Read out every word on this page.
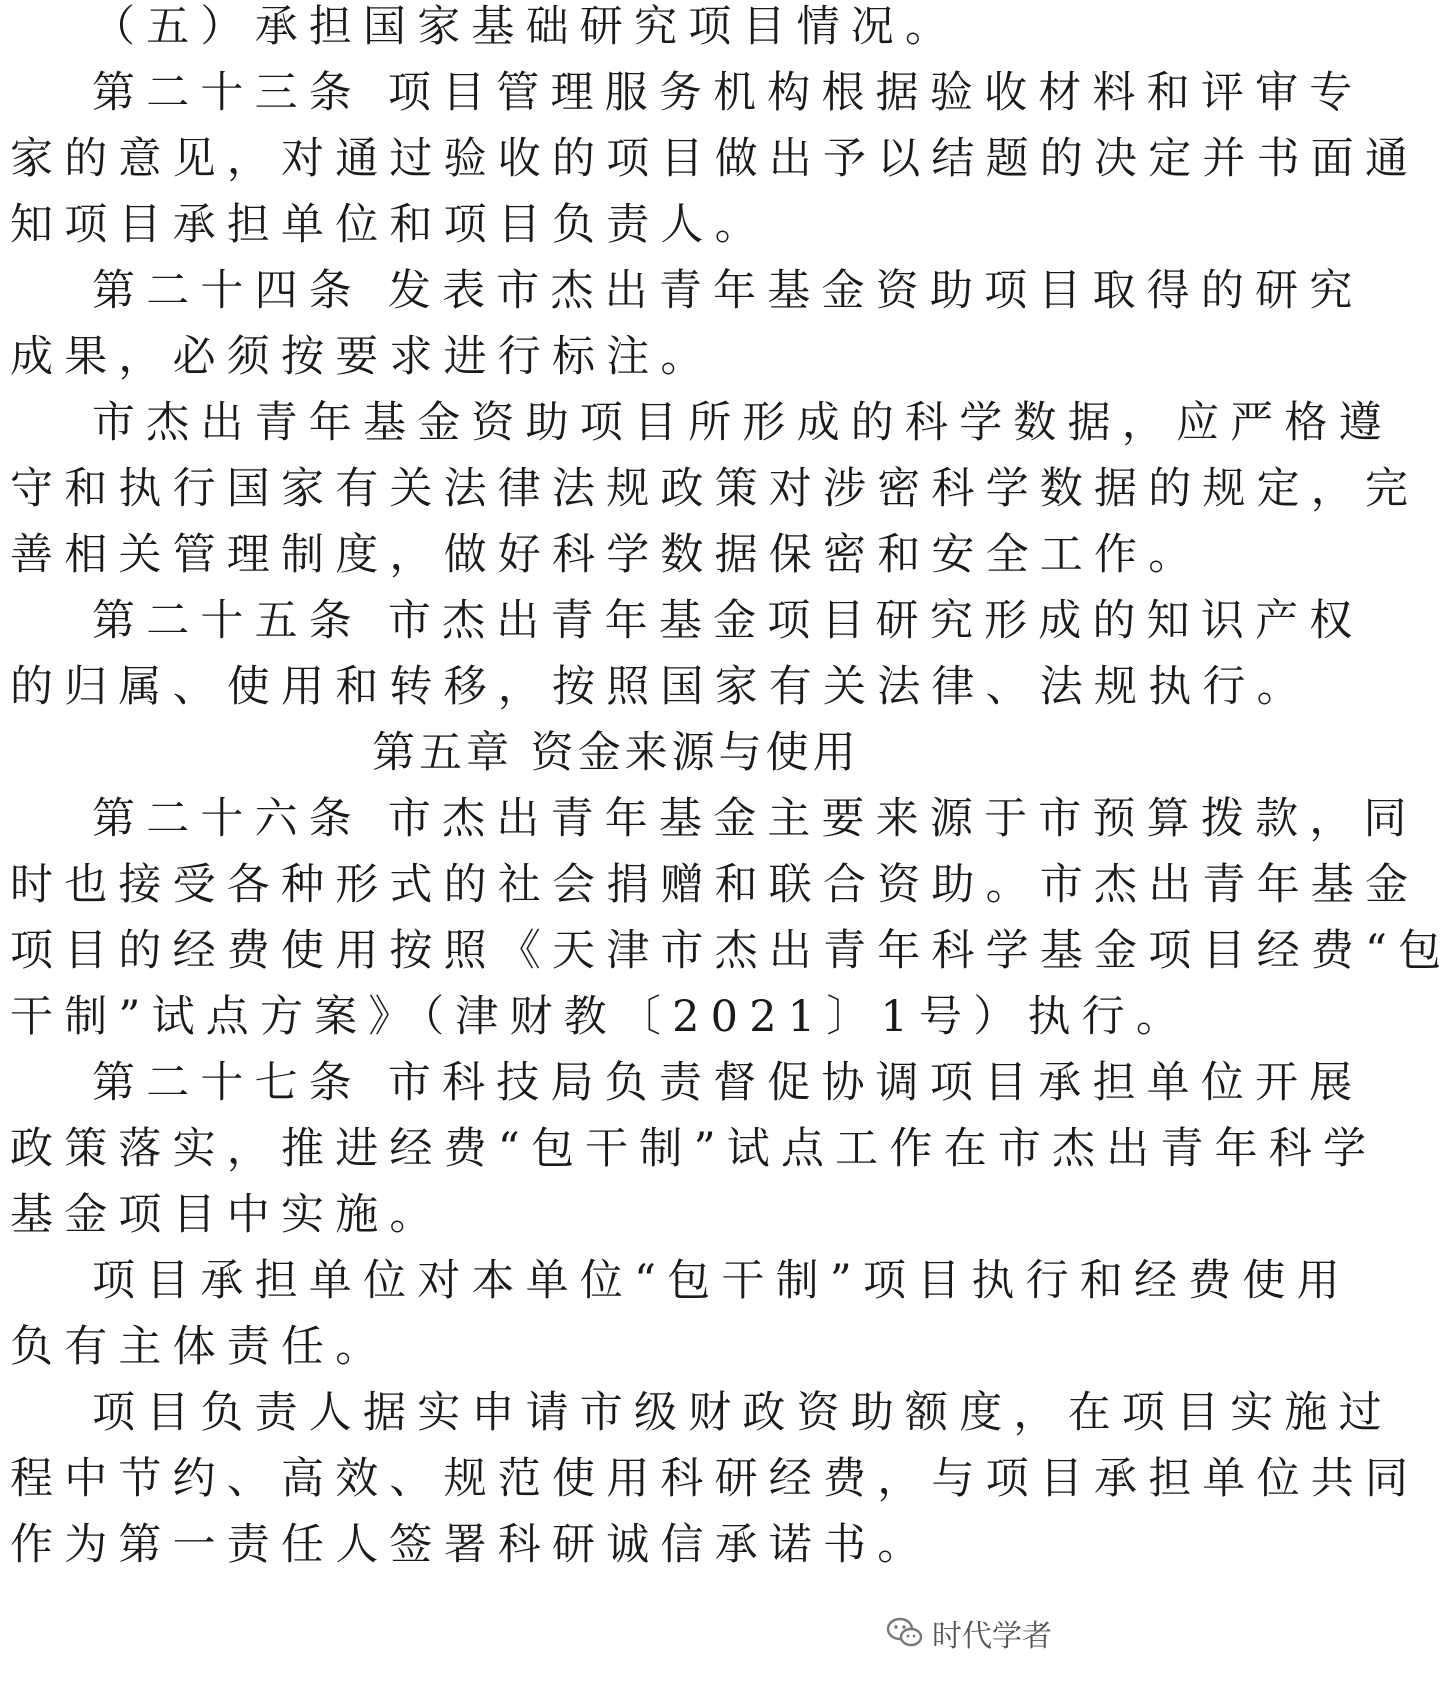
（五）承担国家基础研究项目情况。
第二十三条 项目管理服务机构根据验收材料和评审专
家的意见，对通过验收的项目做出予以结题的决定并书面通
知项目承担单位和项目负责人。
第二十四条 发表市杰出青年基金资助项目取得的研究
成果，必须按要求进行标注。
市杰出青年基金资助项目所形成的科学数据，应严格遵
守和执行国家有关法律法规政策对涉密科学数据的规定，完
善相关管理制度，做好科学数据保密和安全工作。
第二十五条 市杰出青年基金项目研究形成的知识产权
的归属、使用和转移，按照国家有关法律、法规执行。
第五章 资金来源与使用
第二十六条 市杰出青年基金主要来源于市预算拨款，同
时也接受各种形式的社会捐赠和联合资助。市杰出青年基金
项目的经费使用按照《天津市杰出青年科学基金项目经费“包
干制”试点方案》（津财教〔2021〕1号）执行。
第二十七条 市科技局负责督促协调项目承担单位开展
政策落实，推进经费“包干制”试点工作在市杰出青年科学
基金项目中实施。
项目承担单位对本单位“包干制”项目执行和经费使用
负有主体责任。
项目负责人据实申请市级财政资助额度，在项目实施过
程中节约、高效、规范使用科研经费，与项目承担单位共同
作为第一责任人签署科研诚信承诺书。
时代学者
